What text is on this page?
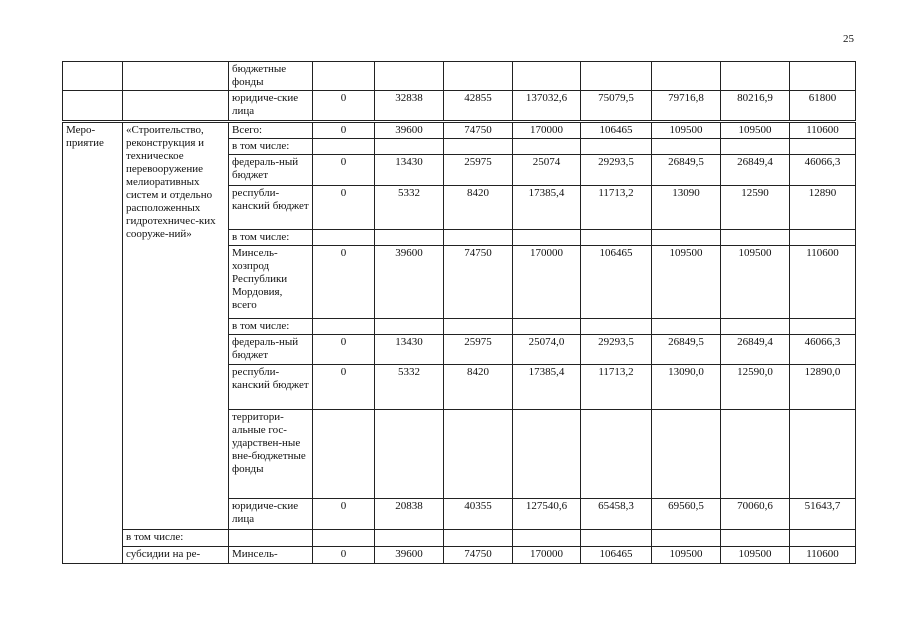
25
		бюджетные фонды								
		юридиче-ские лица	0	32838	42855	137032,6	75079,5	79716,8	80216,9	61800
Меро-приятие	«Строительство, реконструкция и техническое перевооружение мелиоративных систем и отдельно расположенных гидротехничес-ких сооруже-ний»	Всего:	0	39600	74750	170000	106465	109500	109500	110600
		в том числе:								
		федераль-ный бюджет	0	13430	25975	25074	29293,5	26849,5	26849,4	46066,3
		республи-канский бюджет	0	5332	8420	17385,4	11713,2	13090	12590	12890
		в том числе:								
		Минсель-хозпрод Республики Мордовия, всего	0	39600	74750	170000	106465	109500	109500	110600
		в том числе:								
		федераль-ный бюджет	0	13430	25975	25074,0	29293,5	26849,5	26849,4	46066,3
		республи-канский бюджет	0	5332	8420	17385,4	11713,2	13090,0	12590,0	12890,0
		территори-альные гос-ударствен-ные вне-бюджетные фонды								
		юридиче-ские лица	0	20838	40355	127540,6	65458,3	69560,5	70060,6	51643,7
	в том числе:									
	субсидии на ре-	Минсель-	0	39600	74750	170000	106465	109500	109500	110600
